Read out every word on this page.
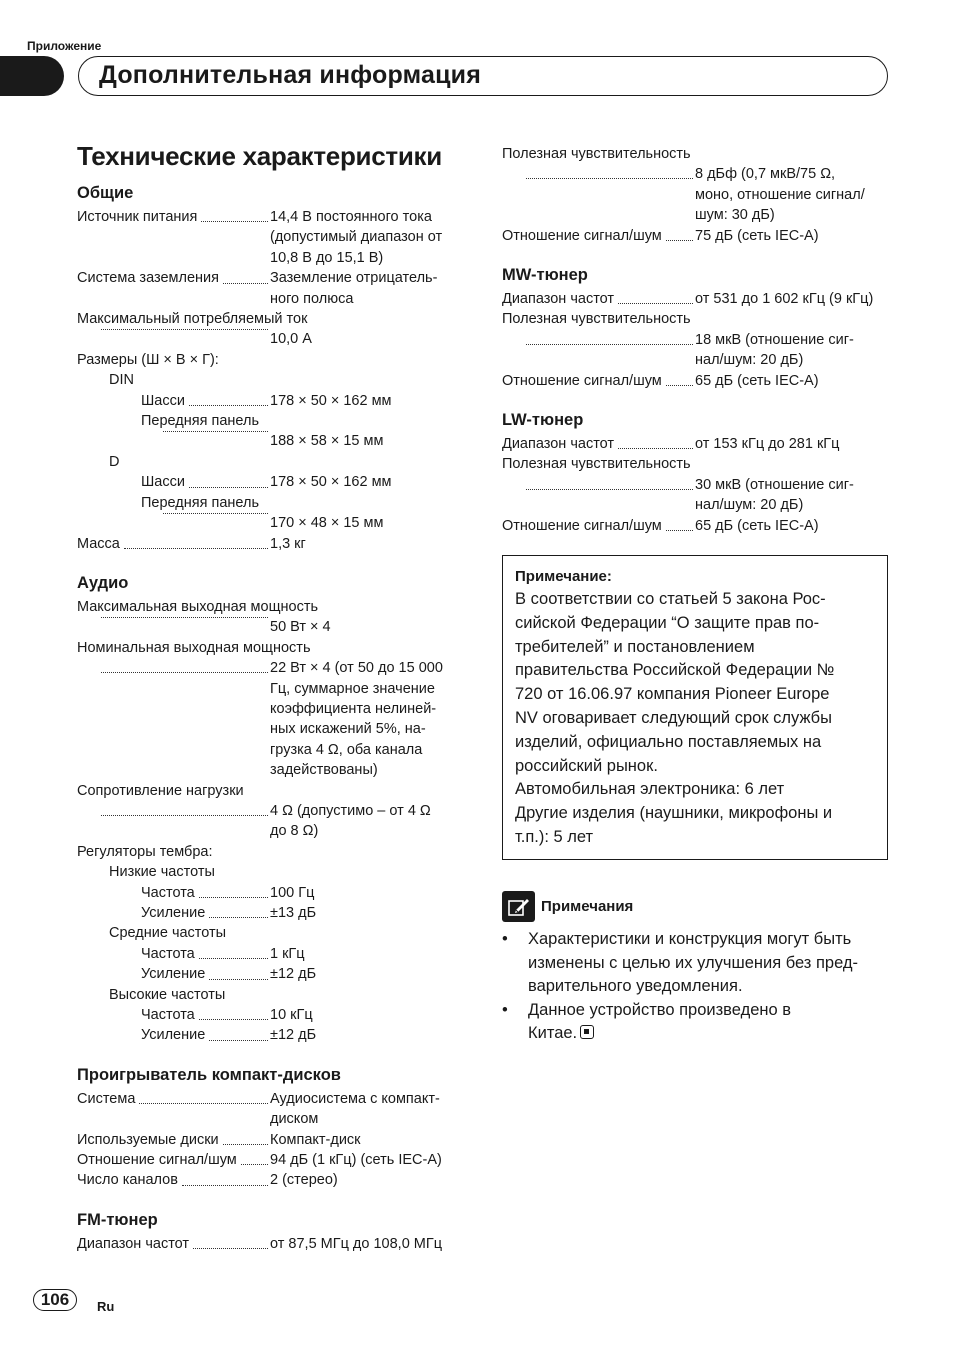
Приложение
Дополнительная информация
Технические характеристики
Общие
Источник питания	14,4 В постоянного тока
(допустимый диапазон от
10,8 В до 15,1 В)
Система заземления	Заземление отрицатель-
ного полюса
Максимальный потребляемый ток
10,0 А
Размеры (Ш × В × Г):
DIN
Шасси	178 × 50 × 162 мм
Передняя панель
188 × 58 × 15 мм
D
Шасси	178 × 50 × 162 мм
Передняя панель
170 × 48 × 15 мм
Масса	1,3 кг
Аудио
Максимальная выходная мощность
50 Вт × 4
Номинальная выходная мощность
22 Вт × 4 (от 50 до 15 000
Гц, суммарное значение
коэффициента нелиней-
ных искажений 5%, на-
грузка 4 Ω, оба канала
задействованы)
Сопротивление нагрузки
4 Ω (допустимо – от 4 Ω
до 8 Ω)
Регуляторы тембра:
Низкие частоты
Частота	100 Гц
Усиление	±13 дБ
Средние частоты
Частота	1 кГц
Усиление	±12 дБ
Высокие частоты
Частота	10 кГц
Усиление	±12 дБ
Проигрыватель компакт-дисков
Система	Аудиосистема с компакт-
диском
Используемые диски	Компакт-диск
Отношение сигнал/шум 94 дБ (1 кГц) (сеть IEC-A)
Число каналов	2 (стерео)
FM-тюнер
Диапазон частот	от 87,5 МГц до 108,0 МГц
Полезная чувствительность
8 дБф (0,7 мкВ/75 Ω,
моно, отношение сигнал/
шум: 30 дБ)
Отношение сигнал/шум 75 дБ (сеть IEC-A)
MW-тюнер
Диапазон частот	от 531 до 1 602 кГц (9 кГц)
Полезная чувствительность
18 мкВ (отношение сиг-
нал/шум: 20 дБ)
Отношение сигнал/шум 65 дБ (сеть IEC-A)
LW-тюнер
Диапазон частот	от 153 кГц до 281 кГц
Полезная чувствительность
30 мкВ (отношение сиг-
нал/шум: 20 дБ)
Отношение сигнал/шум 65 дБ (сеть IEC-A)
Примечание:
В соответствии со статьей 5 закона Рос-
сийской Федерации “О защите прав по-
требителей” и постановлением
правительства Российской Федерации №
720 от 16.06.97 компания Pioneer Europe
NV оговаривает следующий срок службы
изделий, официально поставляемых на
российский рынок.
Автомобильная электроника: 6 лет
Другие изделия (наушники, микрофоны и
т.п.): 5 лет
Примечания
•	Характеристики и конструкция могут быть
изменены с целью их улучшения без пред-
варительного уведомления.
•	Данное устройство произведено в
Китае.
106	Ru
